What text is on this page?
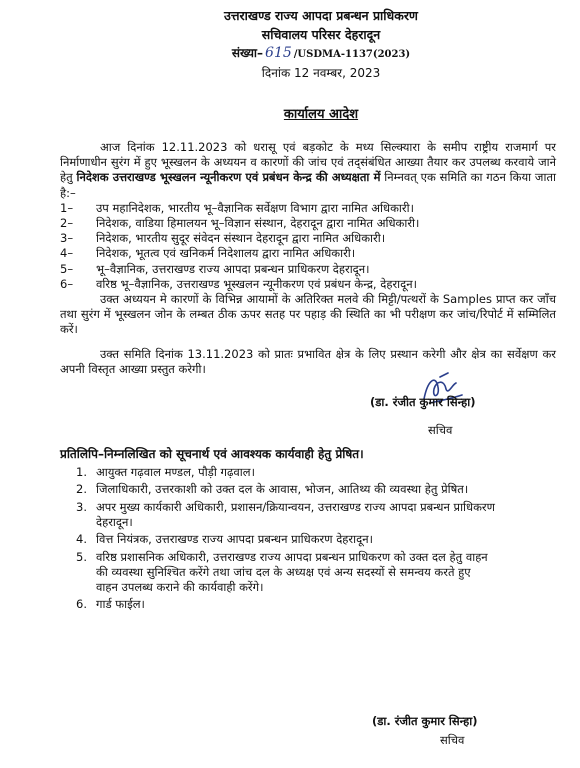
उत्तराखण्ड राज्य आपदा प्रबन्धन प्राधिकरण
सचिवालय परिसर देहरादून
संख्या– 615 /USDMA-1137(2023)
दिनांक 12 नवम्बर, 2023
कार्यालय आदेश
आज दिनांक 12.11.2023 को धरासू एवं बड़कोट के मध्य सिल्क्यारा के समीप राष्ट्रीय राजमार्ग पर निर्माणाधीन सुरंग में हुए भूस्खलन के अध्ययन व कारणों की जांच एवं तद्संबंधित आख्या तैयार कर उपलब्ध करवाये जाने हेतु निदेशक उत्तराखण्ड भूस्खलन न्यूनीकरण एवं प्रबंधन केन्द्र की अध्यक्षता में निम्नवत् एक समिति का गठन किया जाता है:–
1–	उप महानिदेशक, भारतीय भू–वैज्ञानिक सर्वेक्षण विभाग द्वारा नामित अधिकारी।
2–	निदेशक, वाडिया हिमालयन भू–विज्ञान संस्थान, देहरादून द्वारा नामित अधिकारी।
3–	निदेशक, भारतीय सुदूर संवेदन संस्थान देहरादून द्वारा नामित अधिकारी।
4–	निदेशक, भूतत्व एवं खनिकर्म निदेशालय द्वारा नामित अधिकारी।
5–	भू–वैज्ञानिक, उत्तराखण्ड राज्य आपदा प्रबन्धन प्राधिकरण देहरादून।
6–	वरिष्ठ भू–वैज्ञानिक, उत्तराखण्ड भूस्खलन न्यूनीकरण एवं प्रबंधन केन्द्र, देहरादून।
उक्त अध्ययन मे कारणों के विभिन्न आयामों के अतिरिक्त मलवे की मिट्टी/पत्थरों के Samples प्राप्त कर जाँच तथा सुरंग में भूस्खलन जोन के लम्बत ठीक ऊपर सतह पर पहाड़ की स्थिति का भी परीक्षण कर जांच/रिपोर्ट में सम्मिलित करें।
उक्त समिति दिनांक 13.11.2023 को प्रातः प्रभावित क्षेत्र के लिए प्रस्थान करेगी और क्षेत्र का सर्वेक्षण कर अपनी विस्तृत आख्या प्रस्तुत करेगी।
(डा. रंजीत कुमार सिन्हा)
सचिव
प्रतिलिपि–निम्नलिखित को सूचनार्थ एवं आवश्यक कार्यवाही हेतु प्रेषित।
1. आयुक्त गढ़वाल मण्डल, पौड़ी गढ़वाल।
2. जिलाधिकारी, उत्तरकाशी को उक्त दल के आवास, भोजन, आतिथ्य की व्यवस्था हेतु प्रेषित।
3. अपर मुख्य कार्यकारी अधिकारी, प्रशासन/क्रियान्वयन, उत्तराखण्ड राज्य आपदा प्रबन्धन प्राधिकरण देहरादून।
4. वित्त नियंत्रक, उत्तराखण्ड राज्य आपदा प्रबन्धन प्राधिकरण देहरादून।
5. वरिष्ठ प्रशासनिक अधिकारी, उत्तराखण्ड राज्य आपदा प्रबन्धन प्राधिकरण को उक्त दल हेतु वाहन की व्यवस्था सुनिश्चित करेंगे तथा जांच दल के अध्यक्ष एवं अन्य सदस्यों से समन्वय करते हुए वाहन उपलब्ध कराने की कार्यवाही करेंगे।
6. गार्ड फाईल।
(डा. रंजीत कुमार सिन्हा)
सचिव
